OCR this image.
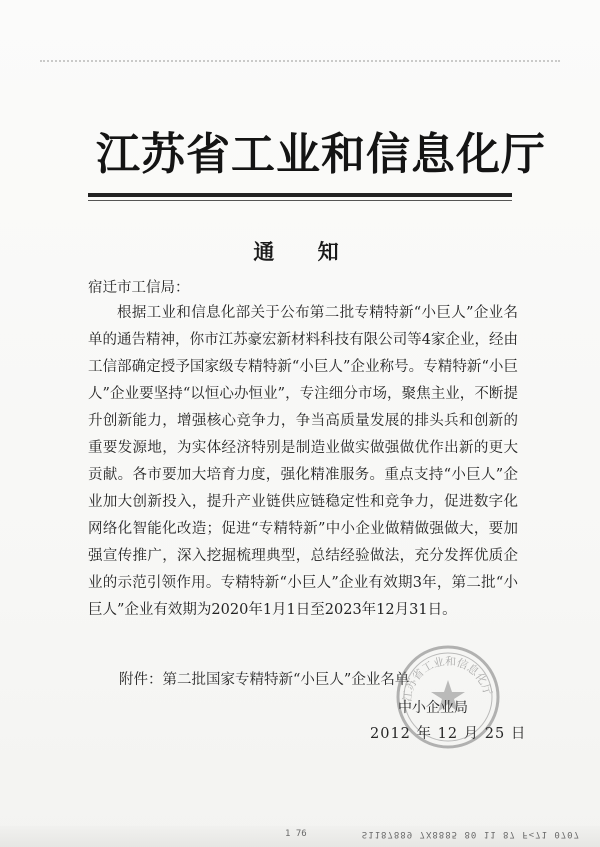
江苏省工业和信息化厅
通 知
宿迁市工信局：

根据工业和信息化部关于公布第二批专精特新“小巨人”企业名单的通告精神，你市江苏豪宏新材料科技有限公司等4家企业，经由工信部确定授予国家级专精特新“小巨人”企业称号。专精特新“小巨人”企业要坚持“以恒心办恒业”，专注细分市场，聚焦主业，不断提升创新能力，增强核心竞争力，争当高质量发展的排头兵和创新的重要发源地，为实体经济特别是制造业做实做强做优作出新的更大贡献。各市要加大培育力度，强化精准服务。重点支持“小巨人”企业加大创新投入，提升产业链供应链稳定性和竞争力，促进数字化网络化智能化改造；促进“专精特新”中小企业做精做强做大，要加强宣传推广，深入挖掘梳理典型，总结经验做法，充分发挥优质企业的示范引领作用。专精特新“小巨人”企业有效期3年，第二批“小巨人”企业有效期为2020年1月1日至2023年12月31日。

附件：第二批国家专精特新“小巨人”企业名单
江苏省工业和信息化厅
中小企业局
2012 年 12 月 25 日
1 76	S1187889 7X8885 80 11 87 F<71 0707
